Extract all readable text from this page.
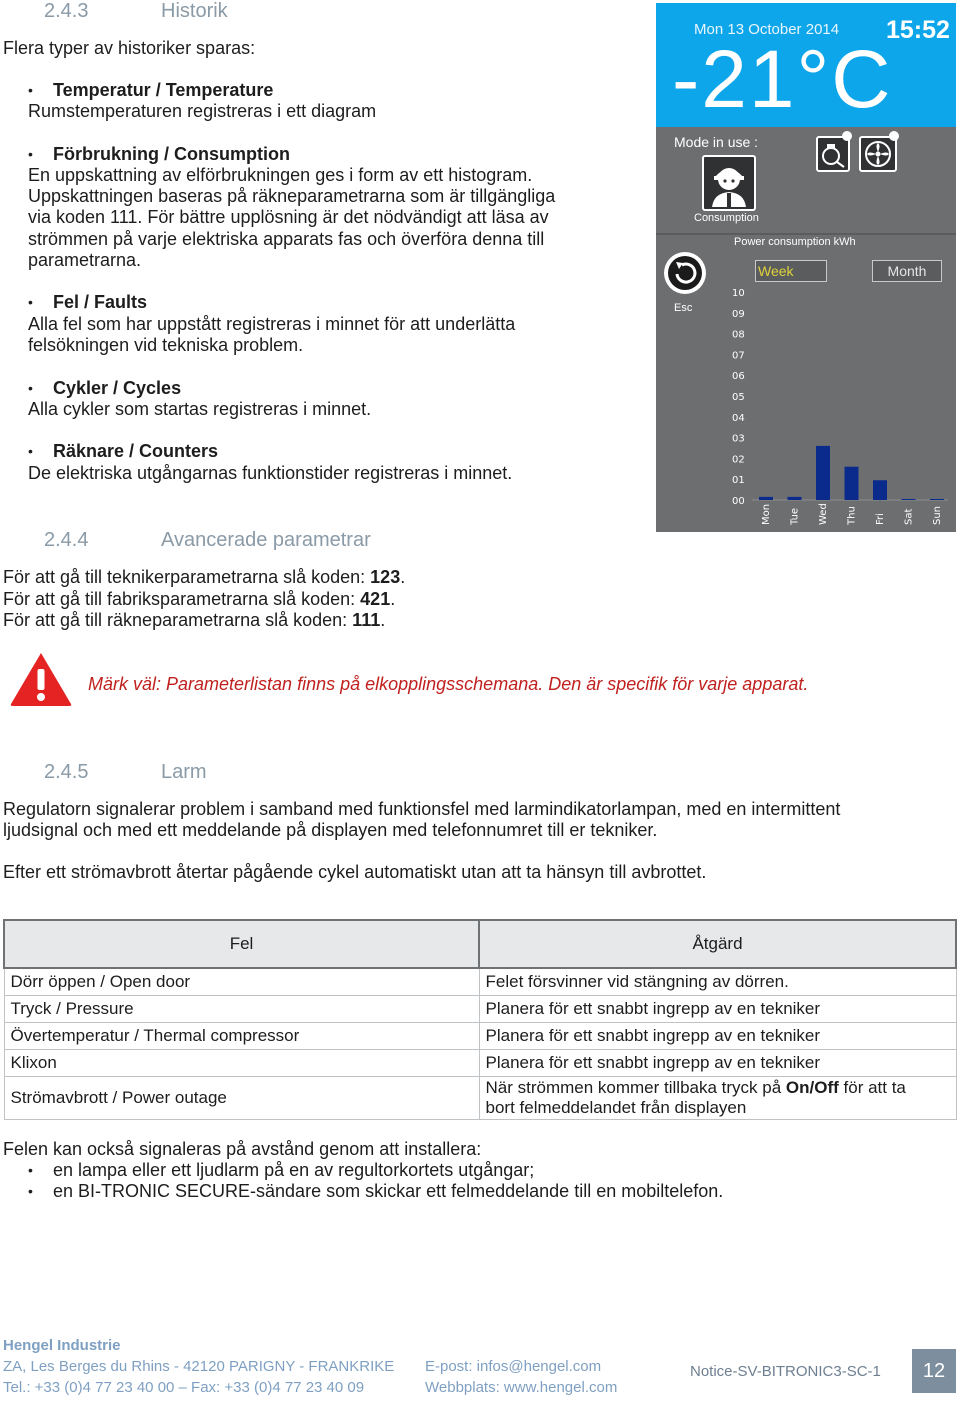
2.4.3	Historik
Flera typer av historiker sparas:
• Temperatur / Temperature
Rumstemperaturen registreras i ett diagram
• Förbrukning / Consumption
En uppskattning av elförbrukningen ges i form av ett histogram.
Uppskattningen baseras på räkneparametrarna som är tillgängliga
via koden 111. För bättre upplösning är det nödvändigt att läsa av
strömmen på varje elektriska apparats fas och överföra denna till
parametrarna.
• Fel / Faults
Alla fel som har uppstått registreras i minnet för att underlätta
felsökningen vid tekniska problem.
• Cykler / Cycles
Alla cykler som startas registreras i minnet.
• Räknare / Counters
De elektriska utgångarnas funktionstider registreras i minnet.
Mon 13 October 2014 15:52
-21°C
Mode in use :
Consumption
Power consumption kWh
Esc
Week	Month
10
09
08
07
06
05
04
03
02
01
00
Mon Tue Wed Thu Fri Sat Sun
2.4.4	Avancerade parametrar
För att gå till teknikerparametrarna slå koden: 123.
För att gå till fabriksparametrarna slå koden: 421.
För att gå till räkneparametrarna slå koden: 111.
Märk väl: Parameterlistan finns på elkopplingsschemana. Den är specifik för varje apparat.
2.4.5	Larm
Regulatorn signalerar problem i samband med funktionsfel med larmindikatorlampan, med en intermittent
ljudsignal och med ett meddelande på displayen med telefonnumret till er tekniker.
Efter ett strömavbrott återtar pågående cykel automatiskt utan att ta hänsyn till avbrottet.
Fel	Åtgärd
Dörr öppen / Open door	Felet försvinner vid stängning av dörren.
Tryck / Pressure	Planera för ett snabbt ingrepp av en tekniker
Övertemperatur / Thermal compressor	Planera för ett snabbt ingrepp av en tekniker
Klixon	Planera för ett snabbt ingrepp av en tekniker
Strömavbrott / Power outage	När strömmen kommer tillbaka tryck på On/Off för att ta
bort felmeddelandet från displayen
Felen kan också signaleras på avstånd genom att installera:
• en lampa eller ett ljudlarm på en av regultorkortets utgångar;
• en BI-TRONIC SECURE-sändare som skickar ett felmeddelande till en mobiltelefon.
Hengel Industrie
ZA, Les Berges du Rhins - 42120 PARIGNY - FRANKRIKE
Tel.: +33 (0)4 77 23 40 00 – Fax: +33 (0)4 77 23 40 09
E-post: infos@hengel.com
Webbplats: www.hengel.com
Notice-SV-BITRONIC3-SC-1	12
